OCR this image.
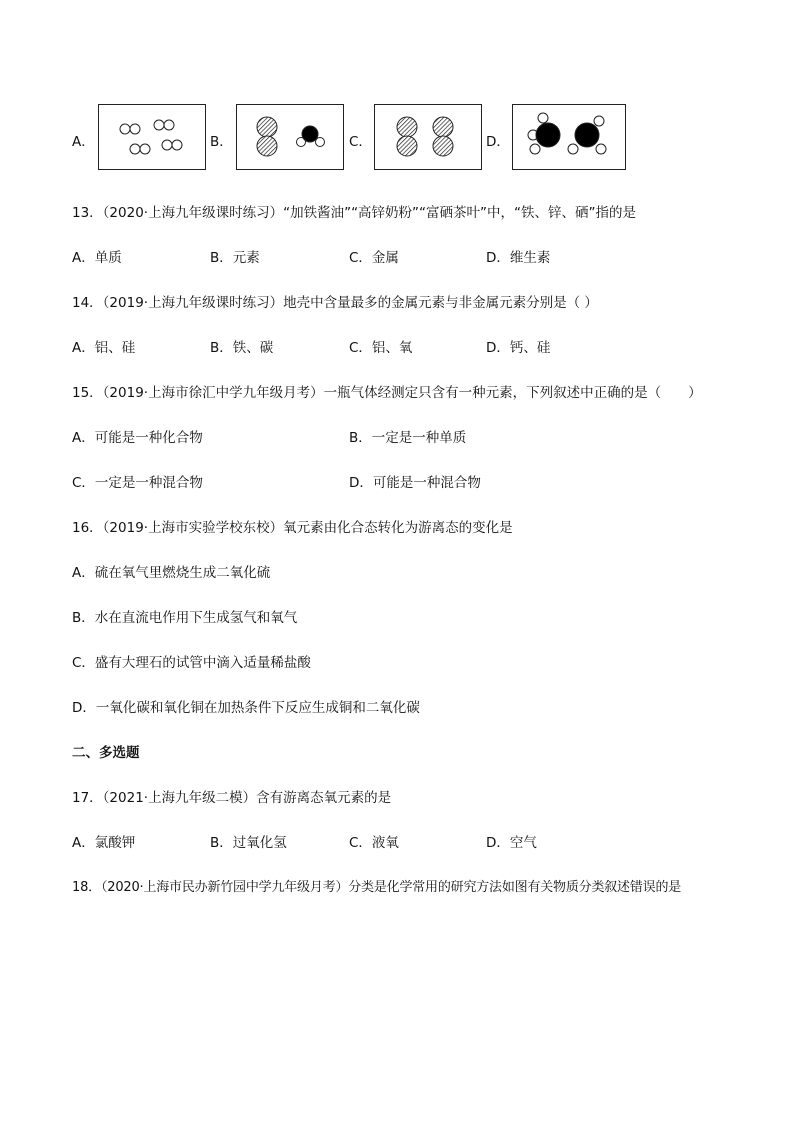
A．	B．	C．	D．
13．（2020·上海九年级课时练习）“加铁酱油”“高锌奶粉”“富硒茶叶”中，“铁、锌、硒”指的是
A．单质	B．元素	C．金属	D．维生素
14．（2019·上海九年级课时练习）地壳中含量最多的金属元素与非金属元素分别是（ ）
A．铝、硅	B．铁、碳	C．铝、氧	D．钙、硅
15．（2019·上海市徐汇中学九年级月考）一瓶气体经测定只含有一种元素，下列叙述中正确的是（　　）
A．可能是一种化合物	B．一定是一种单质
C．一定是一种混合物	D．可能是一种混合物
16．（2019·上海市实验学校东校）氧元素由化合态转化为游离态的变化是
A．硫在氧气里燃烧生成二氧化硫
B．水在直流电作用下生成氢气和氧气
C．盛有大理石的试管中滴入适量稀盐酸
D．一氧化碳和氧化铜在加热条件下反应生成铜和二氧化碳
二、多选题
17．（2021·上海九年级二模）含有游离态氧元素的是
A．氯酸钾	B．过氧化氢	C．液氧	D．空气
18．（2020·上海市民办新竹园中学九年级月考）分类是化学常用的研究方法如图有关物质分类叙述错误的是
